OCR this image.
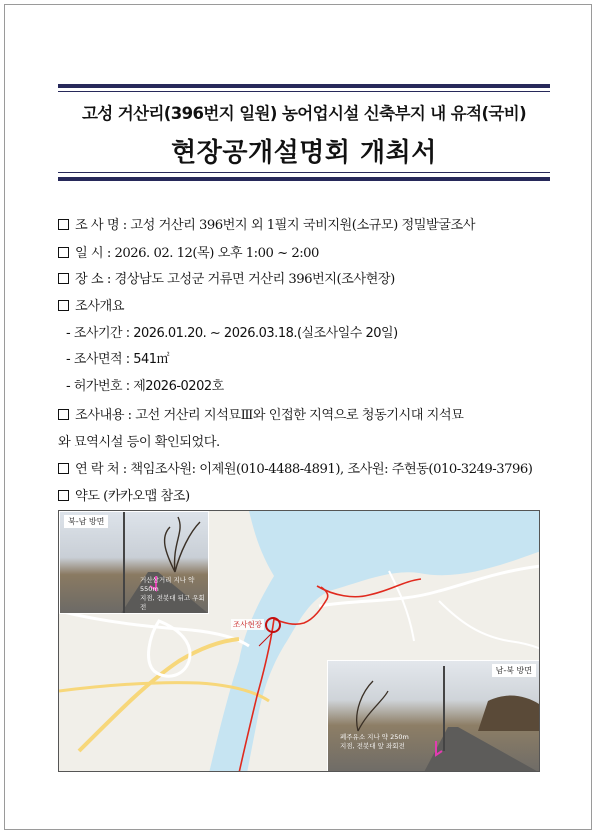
고성 거산리(396번지 일원) 농어업시설 신축부지 내 유적(국비)
현장공개설명회 개최서
조 사 명 : 고성 거산리 396번지 외 1필지 국비지원(소규모) 정밀발굴조사
일 시 : 2026. 02. 12(목) 오후 1:00 ~ 2:00
장 소 : 경상남도 고성군 거류면 거산리 396번지(조사현장)
조사개요
- 조사기간 : 2026.01.20. ~ 2026.03.18.(실조사일수 20일)
- 조사면적 : 541㎡
- 허가번호 : 제2026-0202호
조사내용 : 고선 거산리 지석묘Ⅲ와 인접한 지역으로 청동기시대 지석묘
와 묘역시설 등이 확인되었다.
연 락 처 : 책임조사원: 이제원(010-4488-4891), 조사원: 주현동(010-3249-3796)
약도 (카카오맵 참조)
북-남 방면
거산삼거리 지나 약 550m
지점, 전봇대 뒤고 우회전
남-북 방면
폐주유소 지나 약 250m
지점, 전봇대 앞 좌회전
조사현장
